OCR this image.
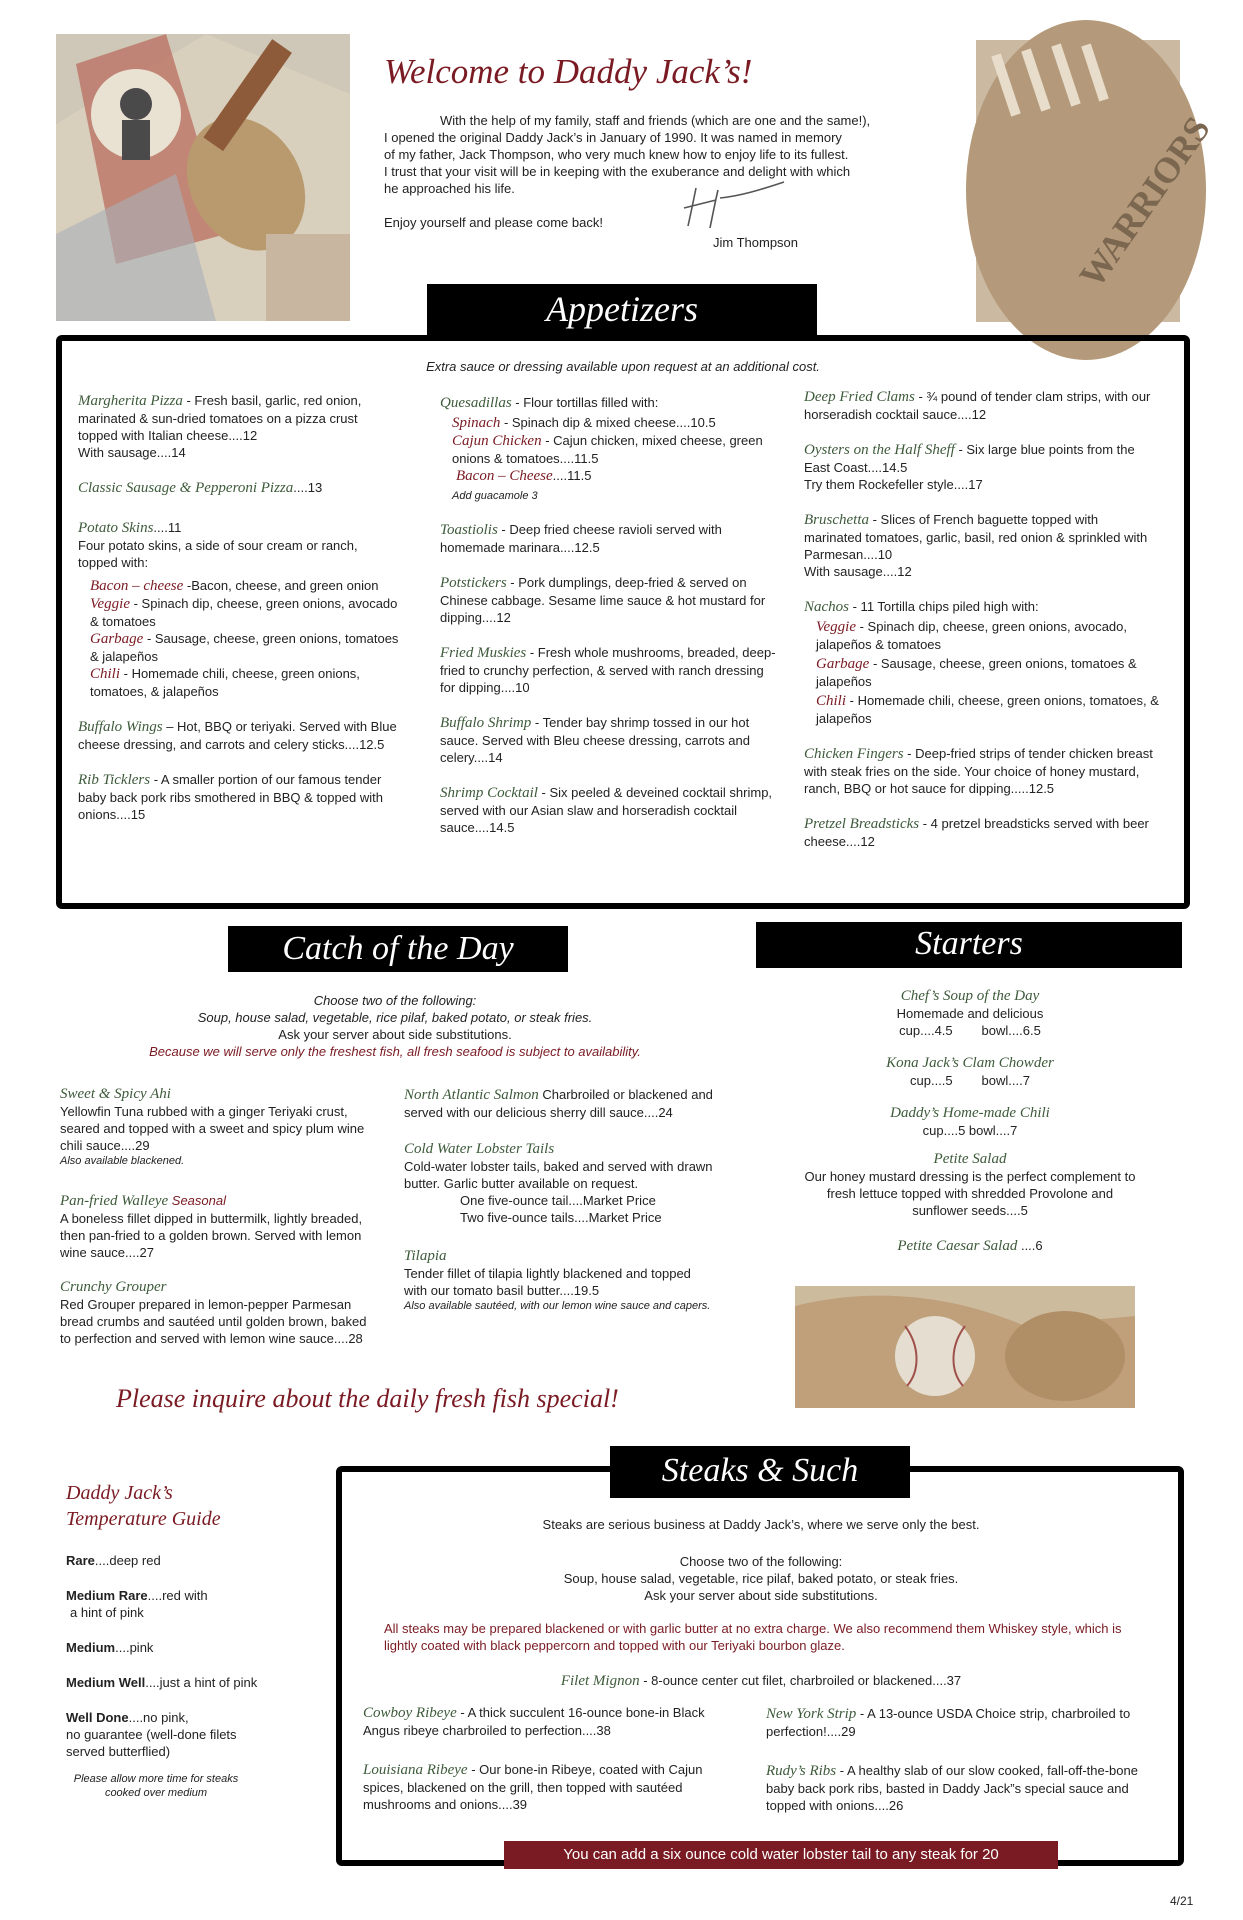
WARRIORS
Welcome to Daddy Jack’s!
With the help of my family, staff and friends (which are one and the same!),
I opened the original Daddy Jack’s in January of 1990. It was named in memory
of my father, Jack Thompson, who very much knew how to enjoy life to its fullest.
I trust that your visit will be in keeping with the exuberance and delight with which
he approached his life.
Enjoy yourself and please come back!
Jim Thompson
Appetizers
Extra sauce or dressing available upon request at an additional cost.
Margherita Pizza - Fresh basil, garlic, red onion, marinated & sun-dried tomatoes on a pizza crust topped with Italian cheese....12
With sausage....14
Classic Sausage & Pepperoni Pizza....13
Potato Skins....11
Four potato skins, a side of sour cream or ranch, topped with:
Bacon – cheese -Bacon, cheese, and green onion
Veggie - Spinach dip, cheese, green onions, avocado & tomatoes
Garbage - Sausage, cheese, green onions, tomatoes & jalapeños
Chili - Homemade chili, cheese, green onions, tomatoes, & jalapeños
Buffalo Wings – Hot, BBQ or teriyaki. Served with Blue cheese dressing, and carrots and celery sticks....12.5
Rib Ticklers - A smaller portion of our famous tender baby back pork ribs smothered in BBQ & topped with onions....15
Quesadillas - Flour tortillas filled with:
Spinach - Spinach dip & mixed cheese....10.5
Cajun Chicken - Cajun chicken, mixed cheese, green onions & tomatoes....11.5
Bacon – Cheese....11.5
Add guacamole 3
Toastiolis - Deep fried cheese ravioli served with homemade marinara....12.5
Potstickers - Pork dumplings, deep-fried & served on Chinese cabbage. Sesame lime sauce & hot mustard for dipping....12
Fried Muskies - Fresh whole mushrooms, breaded, deep-fried to crunchy perfection, & served with ranch dressing for dipping....10
Buffalo Shrimp - Tender bay shrimp tossed in our hot sauce. Served with Bleu cheese dressing, carrots and celery....14
Shrimp Cocktail - Six peeled & deveined cocktail shrimp, served with our Asian slaw and horseradish cocktail sauce....14.5
Deep Fried Clams - ¾ pound of tender clam strips, with our horseradish cocktail sauce....12
Oysters on the Half Sheff - Six large blue points from the East Coast....14.5
Try them Rockefeller style....17
Bruschetta - Slices of French baguette topped with marinated tomatoes, garlic, basil, red onion & sprinkled with Parmesan....10
With sausage....12
Nachos - 11 Tortilla chips piled high with:
Veggie - Spinach dip, cheese, green onions, avocado, jalapeños & tomatoes
Garbage - Sausage, cheese, green onions, tomatoes & jalapeños
Chili - Homemade chili, cheese, green onions, tomatoes, & jalapeños
Chicken Fingers - Deep-fried strips of tender chicken breast with steak fries on the side. Your choice of honey mustard, ranch, BBQ or hot sauce for dipping.....12.5
Pretzel Breadsticks - 4 pretzel breadsticks served with beer cheese....12
Catch of the Day
Choose two of the following:
Soup, house salad, vegetable, rice pilaf, baked potato, or steak fries.
Ask your server about side substitutions.
Because we will serve only the freshest fish, all fresh seafood is subject to availability.
Sweet & Spicy Ahi
Yellowfin Tuna rubbed with a ginger Teriyaki crust, seared and topped with a sweet and spicy plum wine chili sauce....29
Also available blackened.
Pan-fried Walleye Seasonal
A boneless fillet dipped in buttermilk, lightly breaded, then pan-fried to a golden brown. Served with lemon wine sauce....27
Crunchy Grouper
Red Grouper prepared in lemon-pepper Parmesan bread crumbs and sautéed until golden brown, baked to perfection and served with lemon wine sauce....28
North Atlantic Salmon Charbroiled or blackened and served with our delicious sherry dill sauce....24
Cold Water Lobster Tails
Cold-water lobster tails, baked and served with drawn butter. Garlic butter available on request.
One five-ounce tail....Market Price
Two five-ounce tails....Market Price
Tilapia
Tender fillet of tilapia lightly blackened and topped with our tomato basil butter....19.5
Also available sautéed, with our lemon wine sauce and capers.
Please inquire about the daily fresh fish special!
Starters
Chef’s Soup of the Day
Homemade and delicious
cup....4.5        bowl....6.5
Kona Jack’s Clam Chowder
cup....5        bowl....7
Daddy’s Home-made Chili
cup....5 bowl....7
Petite Salad
Our honey mustard dressing is the perfect complement to fresh lettuce topped with shredded Provolone and sunflower seeds....5
Petite Caesar Salad ....6
Daddy Jack’s
Temperature Guide
Rare....deep red
Medium Rare....red with
a hint of pink
Medium....pink
Medium Well....just a hint of pink
Well Done....no pink,
no guarantee (well-done filets served butterflied)
Please allow more time for steaks cooked over medium
Steaks & Such
Steaks are serious business at Daddy Jack’s, where we serve only the best.
Choose two of the following:
Soup, house salad, vegetable, rice pilaf, baked potato, or steak fries.
Ask your server about side substitutions.
All steaks may be prepared blackened or with garlic butter at no extra charge. We also recommend them Whiskey style, which is lightly coated with black peppercorn and topped with our Teriyaki bourbon glaze.
Filet Mignon - 8-ounce center cut filet, charbroiled or blackened....37
Cowboy Ribeye - A thick succulent 16-ounce bone-in Black Angus ribeye charbroiled to perfection....38
Louisiana Ribeye - Our bone-in Ribeye, coated with Cajun spices, blackened on the grill, then topped with sautéed mushrooms and onions....39
New York Strip - A 13-ounce USDA Choice strip, charbroiled to perfection!....29
Rudy’s Ribs - A healthy slab of our slow cooked, fall-off-the-bone baby back pork ribs, basted in Daddy Jack”s special sauce and topped with onions....26
You can add a six ounce cold water lobster tail to any steak for 20
4/21
